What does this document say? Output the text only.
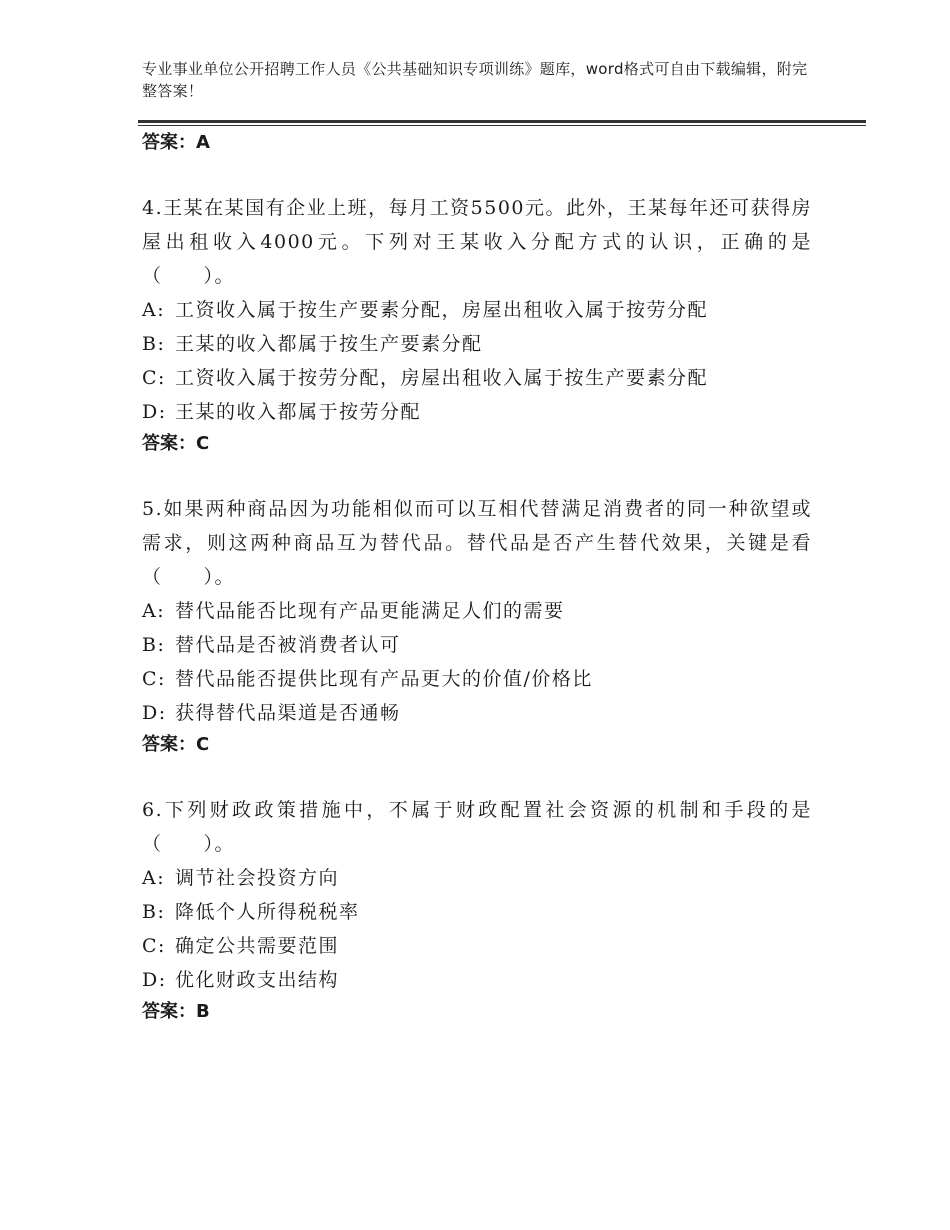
专业事业单位公开招聘工作人员《公共基础知识专项训练》题库，word格式可自由下载编辑，附完整答案！
答案：A
4.王某在某国有企业上班，每月工资5500元。此外，王某每年还可获得房屋出租收入4000元。下列对王某收入分配方式的认识，正确的是（　　）。
A: 工资收入属于按生产要素分配，房屋出租收入属于按劳分配
B: 王某的收入都属于按生产要素分配
C: 工资收入属于按劳分配，房屋出租收入属于按生产要素分配
D: 王某的收入都属于按劳分配
答案：C
5.如果两种商品因为功能相似而可以互相代替满足消费者的同一种欲望或需求，则这两种商品互为替代品。替代品是否产生替代效果，关键是看（　　）。
A: 替代品能否比现有产品更能满足人们的需要
B: 替代品是否被消费者认可
C: 替代品能否提供比现有产品更大的价值/价格比
D: 获得替代品渠道是否通畅
答案：C
6.下列财政政策措施中，不属于财政配置社会资源的机制和手段的是（　　）。
A: 调节社会投资方向
B: 降低个人所得税税率
C: 确定公共需要范围
D: 优化财政支出结构
答案：B
